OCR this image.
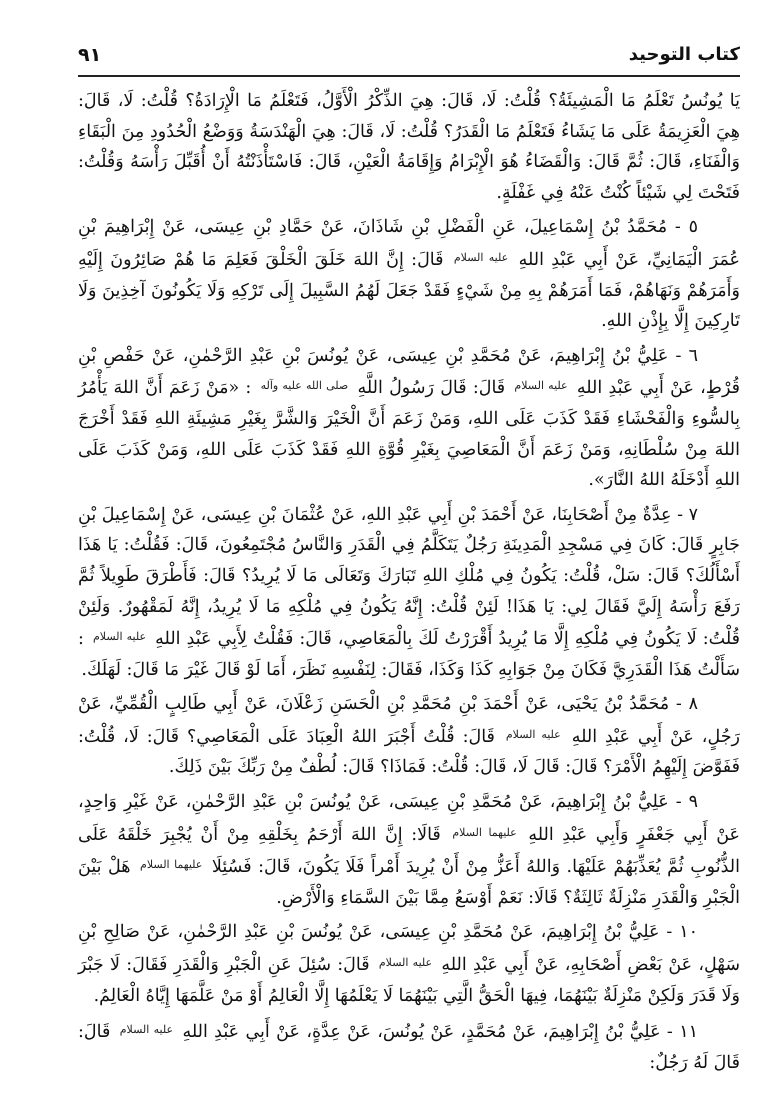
كتاب التوحيد
٩١

يَا يُونُسُ تَعْلَمُ مَا الْمَشِيئَةُ؟ قُلْتُ: لَا، قَالَ: هِيَ الذِّكْرُ الْأَوَّلُ، فَتَعْلَمُ مَا الْإِرَادَةُ؟ قُلْتُ: لَا، قَالَ: هِيَ الْعَزِيمَةُ عَلَى مَا يَشَاءُ فَتَعْلَمُ مَا الْقَدَرُ؟ قُلْتُ: لَا، قَالَ: هِيَ الْهَنْدَسَةُ وَوَضْعُ الْحُدُودِ مِنَ الْبَقَاءِ وَالْفَنَاءِ، قَالَ: ثُمَّ قَالَ: وَالْقَضَاءُ هُوَ الْإِبْرَامُ وَإِقَامَةُ الْعَيْنِ، قَالَ: فَاسْتَأْذَنْتُهُ أَنْ أُقَبِّلَ رَأْسَهُ وَقُلْتُ: فَتَحْتَ لِي شَيْئاً كُنْتُ عَنْهُ فِي غَفْلَةٍ.

٥ - مُحَمَّدُ بْنُ إِسْمَاعِيلَ، عَنِ الْفَضْلِ بْنِ شَاذَانَ، عَنْ حَمَّادِ بْنِ عِيسَى، عَنْ إِبْرَاهِيمَ بْنِ عُمَرَ الْيَمَانِيِّ، عَنْ أَبِي عَبْدِ اللهِ $^{عليه السلام}$ قَالَ: إِنَّ اللهَ خَلَقَ الْخَلْقَ فَعَلِمَ مَا هُمْ صَائِرُونَ إِلَيْهِ وَأَمَرَهُمْ وَنَهَاهُمْ، فَمَا أَمَرَهُمْ بِهِ مِنْ شَيْءٍ فَقَدْ جَعَلَ لَهُمُ السَّبِيلَ إِلَى تَرْكِهِ وَلَا يَكُونُونَ آخِذِينَ وَلَا تَارِكِينَ إِلَّا بِإِذْنِ اللهِ.

٦ - عَلِيُّ بْنُ إِبْرَاهِيمَ، عَنْ مُحَمَّدِ بْنِ عِيسَى، عَنْ يُونُسَ بْنِ عَبْدِ الرَّحْمٰنِ، عَنْ حَفْصِ بْنِ قُرْطٍ، عَنْ أَبِي عَبْدِ اللهِ $^{عليه السلام}$ قَالَ: قَالَ رَسُولُ اللَّهِ $^{صلى الله عليه وآله}$ : «مَنْ زَعَمَ أَنَّ اللهَ يَأْمُرُ بِالسُّوءِ وَالْفَحْشَاءِ فَقَدْ كَذَبَ عَلَى اللهِ، وَمَنْ زَعَمَ أَنَّ الْخَيْرَ وَالشَّرَّ بِغَيْرِ مَشِيئَةِ اللهِ فَقَدْ أَخْرَجَ اللهَ مِنْ سُلْطَانِهِ، وَمَنْ زَعَمَ أَنَّ الْمَعَاصِيَ بِغَيْرِ قُوَّةِ اللهِ فَقَدْ كَذَبَ عَلَى اللهِ، وَمَنْ كَذَبَ عَلَى اللهِ أَدْخَلَهُ اللهُ النَّارَ».

٧ - عِدَّةٌ مِنْ أَصْحَابِنَا، عَنْ أَحْمَدَ بْنِ أَبِي عَبْدِ اللهِ، عَنْ عُثْمَانَ بْنِ عِيسَى، عَنْ إِسْمَاعِيلَ بْنِ جَابِرٍ قَالَ: كَانَ فِي مَسْجِدِ الْمَدِينَةِ رَجُلٌ يَتَكَلَّمُ فِي الْقَدَرِ وَالنَّاسُ مُجْتَمِعُونَ، قَالَ: فَقُلْتُ: يَا هَذَا أَسْأَلُكَ؟ قَالَ: سَلْ، قُلْتُ: يَكُونُ فِي مُلْكِ اللهِ تَبَارَكَ وَتَعَالَى مَا لَا يُرِيدُ؟ قَالَ: فَأَطْرَقَ طَوِيلاً ثُمَّ رَفَعَ رَأْسَهُ إِلَيَّ فَقَالَ لِي: يَا هَذَا! لَئِنْ قُلْتُ: إِنَّهُ يَكُونُ فِي مُلْكِهِ مَا لَا يُرِيدُ، إِنَّهُ لَمَقْهُورٌ. وَلَئِنْ قُلْتُ: لَا يَكُونُ فِي مُلْكِهِ إِلَّا مَا يُرِيدُ أَقْرَرْتُ لَكَ بِالْمَعَاصِي، قَالَ: فَقُلْتُ لِأَبِي عَبْدِ اللهِ $^{عليه السلام}$ : سَأَلْتُ هَذَا الْقَدَرِيَّ فَكَانَ مِنْ جَوَابِهِ كَذَا وَكَذَا، فَقَالَ: لِنَفْسِهِ نَظَرَ، أَمَا لَوْ قَالَ غَيْرَ مَا قَالَ: لَهَلَكَ.

٨ - مُحَمَّدُ بْنُ يَحْيَى، عَنْ أَحْمَدَ بْنِ مُحَمَّدِ بْنِ الْحَسَنِ زَعْلَانَ، عَنْ أَبِي طَالِبٍ الْقُمِّيِّ، عَنْ رَجُلٍ، عَنْ أَبِي عَبْدِ اللهِ $^{عليه السلام}$ قَالَ: قُلْتُ أَجْبَرَ اللهُ الْعِبَادَ عَلَى الْمَعَاصِي؟ قَالَ: لَا، قُلْتُ: فَفَوَّضَ إِلَيْهِمُ الْأَمْرَ؟ قَالَ: قَالَ لَا، قَالَ: قُلْتُ: فَمَاذَا؟ قَالَ: لُطْفٌ مِنْ رَبِّكَ بَيْنَ ذَلِكَ.

٩ - عَلِيُّ بْنُ إِبْرَاهِيمَ، عَنْ مُحَمَّدِ بْنِ عِيسَى، عَنْ يُونُسَ بْنِ عَبْدِ الرَّحْمٰنِ، عَنْ غَيْرِ وَاحِدٍ، عَنْ أَبِي جَعْفَرٍ وَأَبِي عَبْدِ اللهِ $^{عليهما السلام}$ قَالَا: إِنَّ اللهَ أَرْحَمُ بِخَلْقِهِ مِنْ أَنْ يُجْبِرَ خَلْقَهُ عَلَى الذُّنُوبِ ثُمَّ يُعَذِّبَهُمْ عَلَيْهَا. وَاللهُ أَعَزُّ مِنْ أَنْ يُرِيدَ أَمْراً فَلَا يَكُونَ، قَالَ: فَسُئِلَا $^{عليهما السلام}$ هَلْ بَيْنَ الْجَبْرِ وَالْقَدَرِ مَنْزِلَةٌ ثَالِثَةٌ؟ قَالَا: نَعَمْ أَوْسَعُ مِمَّا بَيْنَ السَّمَاءِ وَالْأَرْضِ.

١٠ - عَلِيُّ بْنُ إِبْرَاهِيمَ، عَنْ مُحَمَّدِ بْنِ عِيسَى، عَنْ يُونُسَ بْنِ عَبْدِ الرَّحْمٰنِ، عَنْ صَالِحِ بْنِ سَهْلٍ، عَنْ بَعْضِ أَصْحَابِهِ، عَنْ أَبِي عَبْدِ اللهِ $^{عليه السلام}$ قَالَ: سُئِلَ عَنِ الْجَبْرِ وَالْقَدَرِ فَقَالَ: لَا جَبْرَ وَلَا قَدَرَ وَلَكِنْ مَنْزِلَةٌ بَيْنَهُمَا، فِيهَا الْحَقُّ الَّتِي بَيْنَهُمَا لَا يَعْلَمُهَا إِلَّا الْعَالِمُ أَوْ مَنْ عَلَّمَهَا إِيَّاهُ الْعَالِمُ.

١١ - عَلِيُّ بْنُ إِبْرَاهِيمَ، عَنْ مُحَمَّدٍ، عَنْ يُونُسَ، عَنْ عِدَّةٍ، عَنْ أَبِي عَبْدِ اللهِ $^{عليه السلام}$ قَالَ: قَالَ لَهُ رَجُلٌ:
